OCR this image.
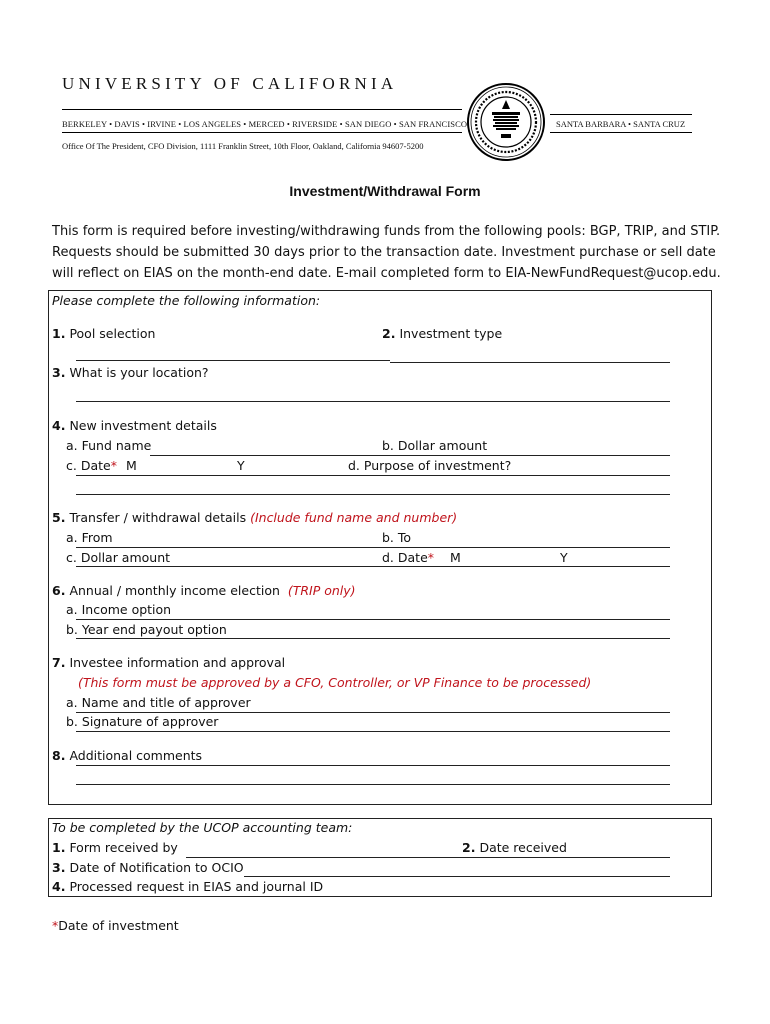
UNIVERSITY OF CALIFORNIA
BERKELEY • DAVIS • IRVINE • LOS ANGELES • MERCED • RIVERSIDE • SAN DIEGO • SAN FRANCISCO	SANTA BARBARA • SANTA CRUZ
Office Of The President, CFO Division, 1111 Franklin Street, 10th Floor, Oakland, California 94607-5200
Investment/Withdrawal Form
This form is required before investing/withdrawing funds from the following pools: BGP, TRIP, and STIP. Requests should be submitted 30 days prior to the transaction date. Investment purchase or sell date will reflect on EIAS on the month-end date. E-mail completed form to EIA-NewFundRequest@ucop.edu.
Please complete the following information:
1. Pool selection	2. Investment type
3. What is your location?
4. New investment details
a. Fund name	b. Dollar amount
c. Date* M	Y	d. Purpose of investment?
5. Transfer / withdrawal details (Include fund name and number)
a. From	b. To
c. Dollar amount	d. Date* M	Y
6. Annual / monthly income election (TRIP only)
a. Income option
b. Year end payout option
7. Investee information and approval
(This form must be approved by a CFO, Controller, or VP Finance to be processed)
a. Name and title of approver
b. Signature of approver
8. Additional comments
To be completed by the UCOP accounting team:
1. Form received by	2. Date received
3. Date of Notification to OCIO
4. Processed request in EIAS and journal ID
*Date of investment
